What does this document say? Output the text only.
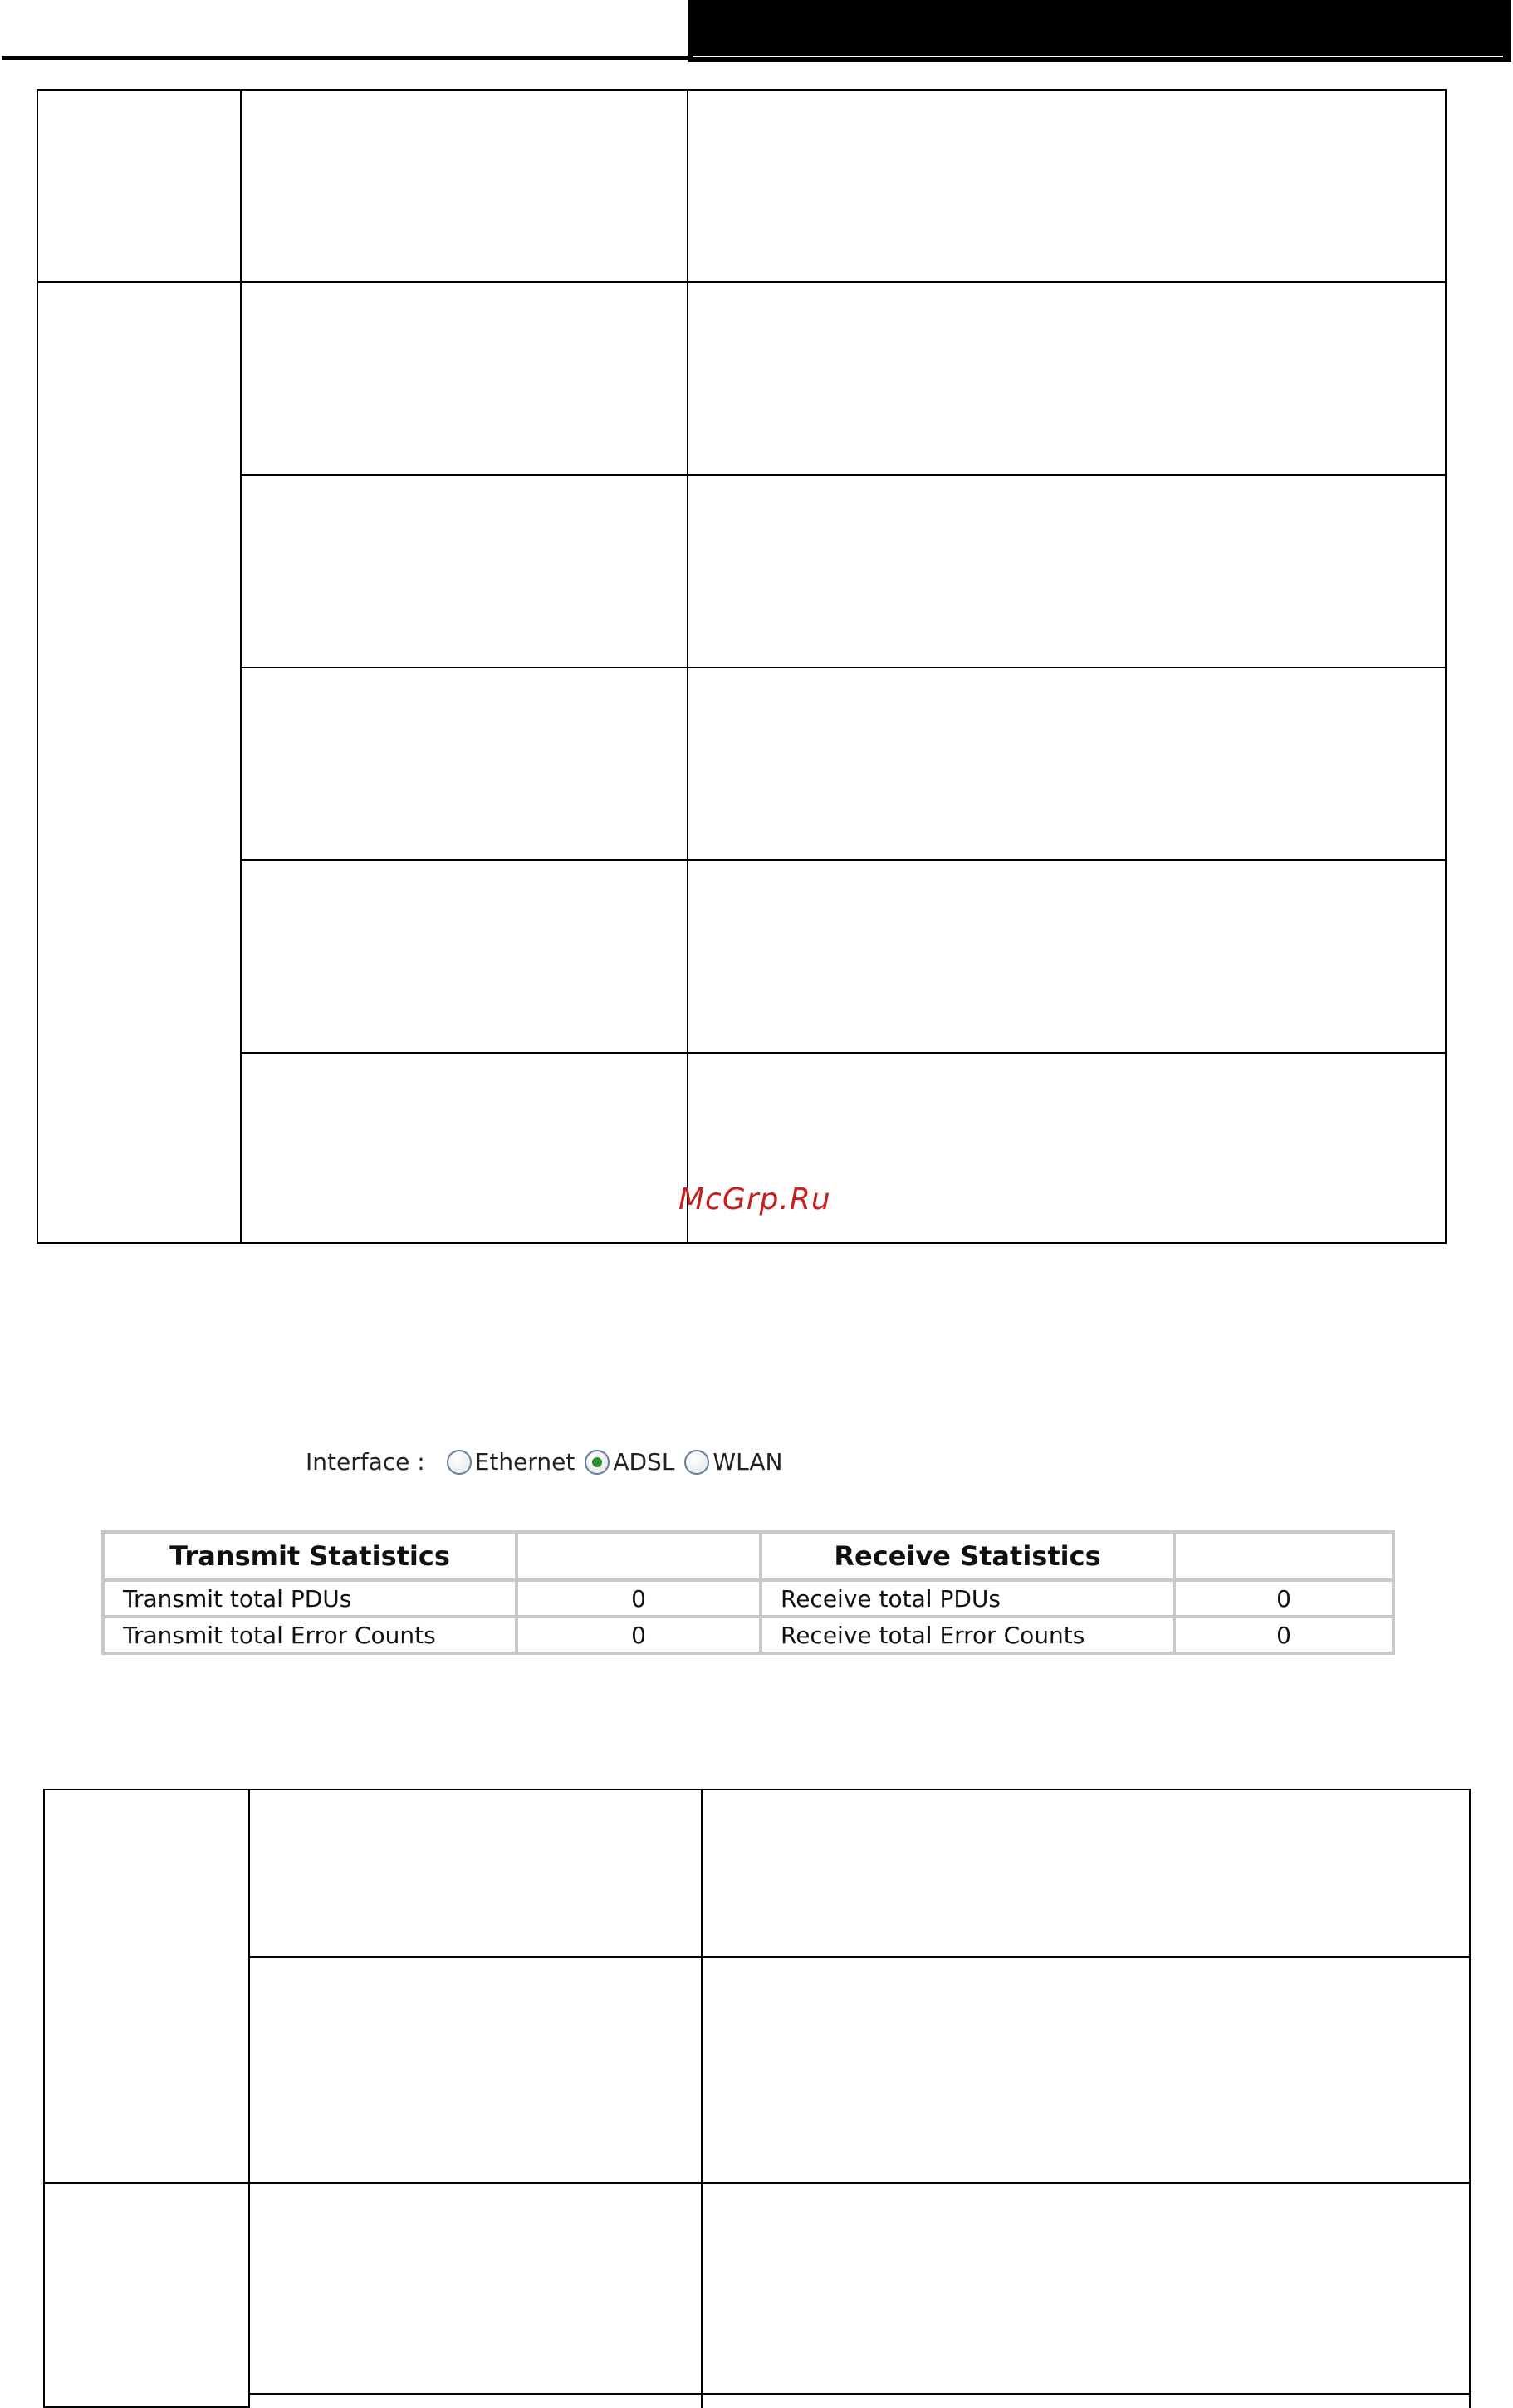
McGrp.Ru
Interface : Ethernet ADSL WLAN
Transmit Statistics		Receive Statistics	
Transmit total PDUs	0	Receive total PDUs	0
Transmit total Error Counts	0	Receive total Error Counts	0
